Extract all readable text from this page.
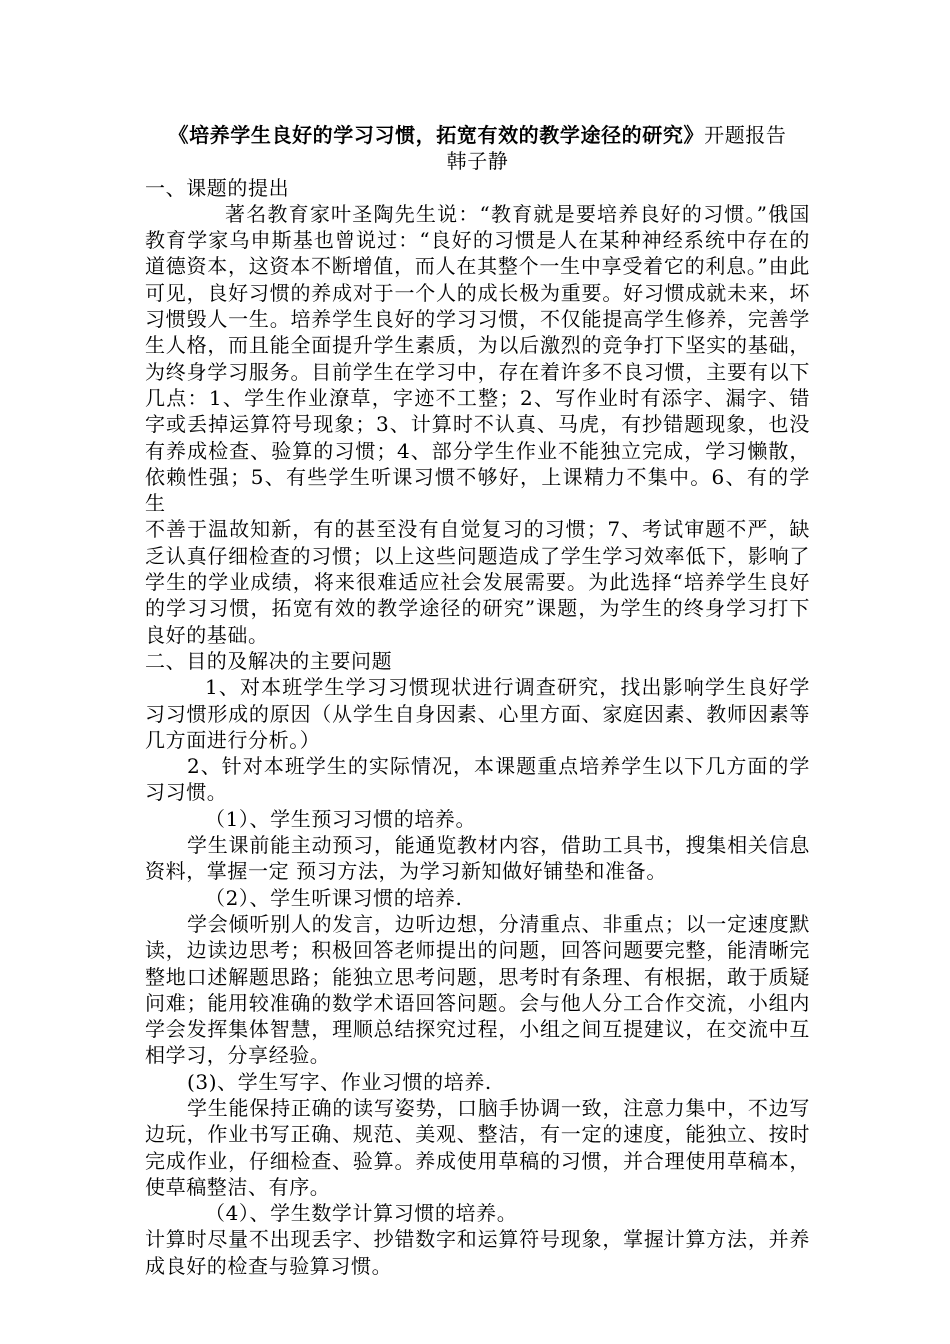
《培养学生良好的学习习惯，拓宽有效的教学途径的研究》开题报告

韩子静

一、课题的提出

著名教育家叶圣陶先生说：“教育就是要培养良好的习惯。”俄国教育学家乌申斯基也曾说过：“良好的习惯是人在某种神经系统中存在的道德资本，这资本不断增值，而人在其整个一生中享受着它的利息。”由此可见，良好习惯的养成对于一个人的成长极为重要。好习惯成就未来，坏习惯毁人一生。培养学生良好的学习习惯，不仅能提高学生修养，完善学生人格，而且能全面提升学生素质，为以后激烈的竞争打下坚实的基础，为终身学习服务。目前学生在学习中，存在着许多不良习惯，主要有以下几点：1、学生作业潦草，字迹不工整；2、写作业时有添字、漏字、错字或丢掉运算符号现象；3、计算时不认真、马虎，有抄错题现象，也没有养成检查、验算的习惯；4、部分学生作业不能独立完成，学习懒散，依赖性强；5、有些学生听课习惯不够好，上课精力不集中。6、有的学生

不善于温故知新，有的甚至没有自觉复习的习惯；7、考试审题不严，缺乏认真仔细检查的习惯；以上这些问题造成了学生学习效率低下，影响了学生的学业成绩，将来很难适应社会发展需要。为此选择“培养学生良好的学习习惯，拓宽有效的教学途径的研究”课题，为学生的终身学习打下良好的基础。

二、目的及解决的主要问题

1、对本班学生学习习惯现状进行调查研究，找出影响学生良好学习习惯形成的原因（从学生自身因素、心里方面、家庭因素、教师因素等几方面进行分析。）

2、针对本班学生的实际情况，本课题重点培养学生以下几方面的学习习惯。

（1）、学生预习习惯的培养。

学生课前能主动预习，能通览教材内容，借助工具书，搜集相关信息资料，掌握一定 预习方法，为学习新知做好铺垫和准备。

（2）、学生听课习惯的培养.

学会倾听别人的发言，边听边想，分清重点、非重点；以一定速度默读，边读边思考；积极回答老师提出的问题，回答问题要完整，能清晰完整地口述解题思路；能独立思考问题，思考时有条理、有根据，敢于质疑问难；能用较准确的数学术语回答问题。会与他人分工合作交流，小组内学会发挥集体智慧，理顺总结探究过程，小组之间互提建议，在交流中互相学习，分享经验。

(3)、学生写字、作业习惯的培养.

学生能保持正确的读写姿势，口脑手协调一致，注意力集中，不边写边玩，作业书写正确、规范、美观、整洁，有一定的速度，能独立、按时完成作业，仔细检查、验算。养成使用草稿的习惯，并合理使用草稿本，使草稿整洁、有序。

（4）、学生数学计算习惯的培养。

计算时尽量不出现丢字、抄错数字和运算符号现象，掌握计算方法，并养成良好的检查与验算习惯。
